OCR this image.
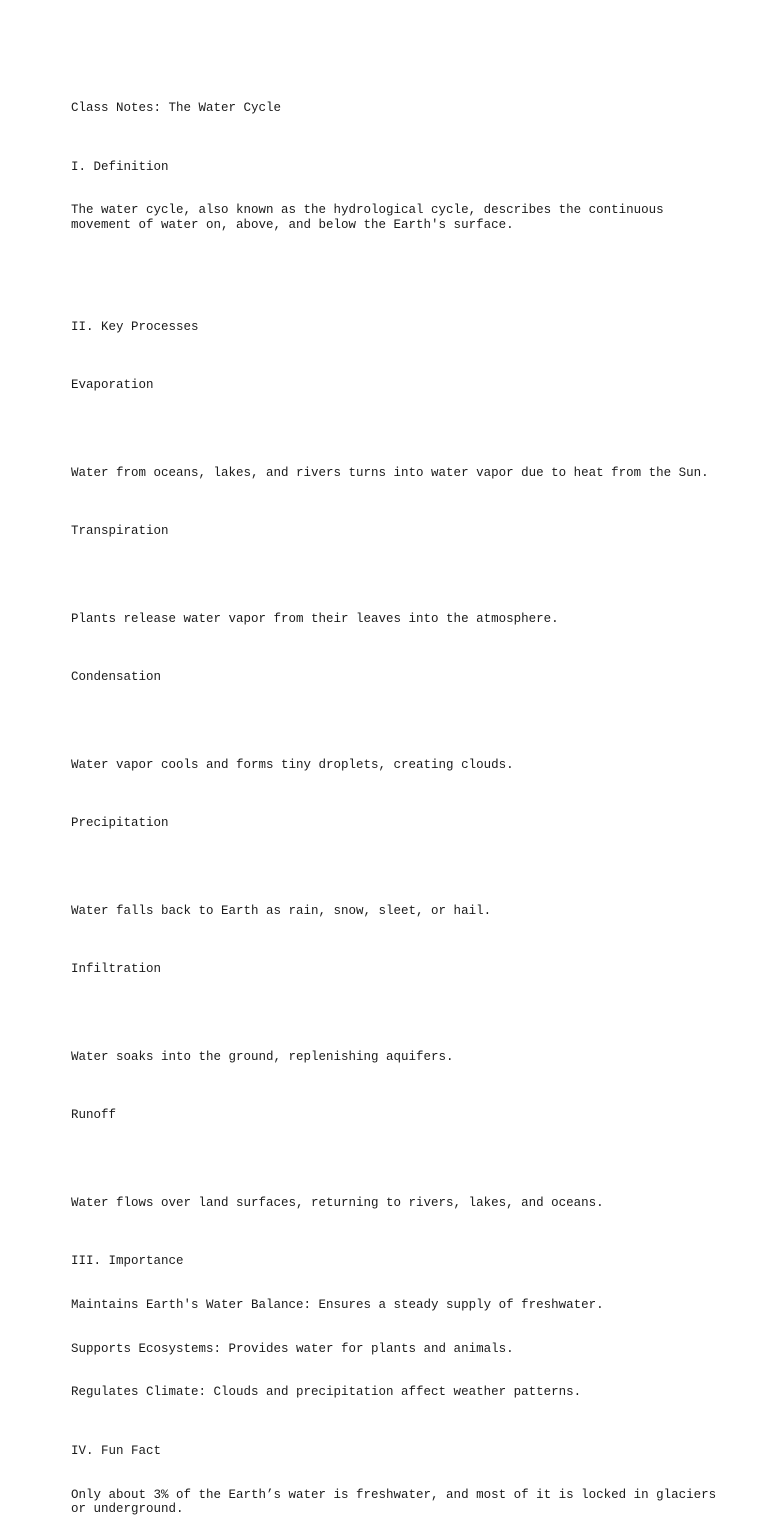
Class Notes: The Water Cycle

I. Definition

The water cycle, also known as the hydrological cycle, describes the continuous movement of water on, above, and below the Earth's surface.

II. Key Processes

Evaporation

Water from oceans, lakes, and rivers turns into water vapor due to heat from the Sun.

Transpiration

Plants release water vapor from their leaves into the atmosphere.

Condensation

Water vapor cools and forms tiny droplets, creating clouds.

Precipitation

Water falls back to Earth as rain, snow, sleet, or hail.

Infiltration

Water soaks into the ground, replenishing aquifers.

Runoff

Water flows over land surfaces, returning to rivers, lakes, and oceans.

III. Importance

Maintains Earth's Water Balance: Ensures a steady supply of freshwater.

Supports Ecosystems: Provides water for plants and animals.

Regulates Climate: Clouds and precipitation affect weather patterns.

IV. Fun Fact

Only about 3% of the Earth’s water is freshwater, and most of it is locked in glaciers or underground.
